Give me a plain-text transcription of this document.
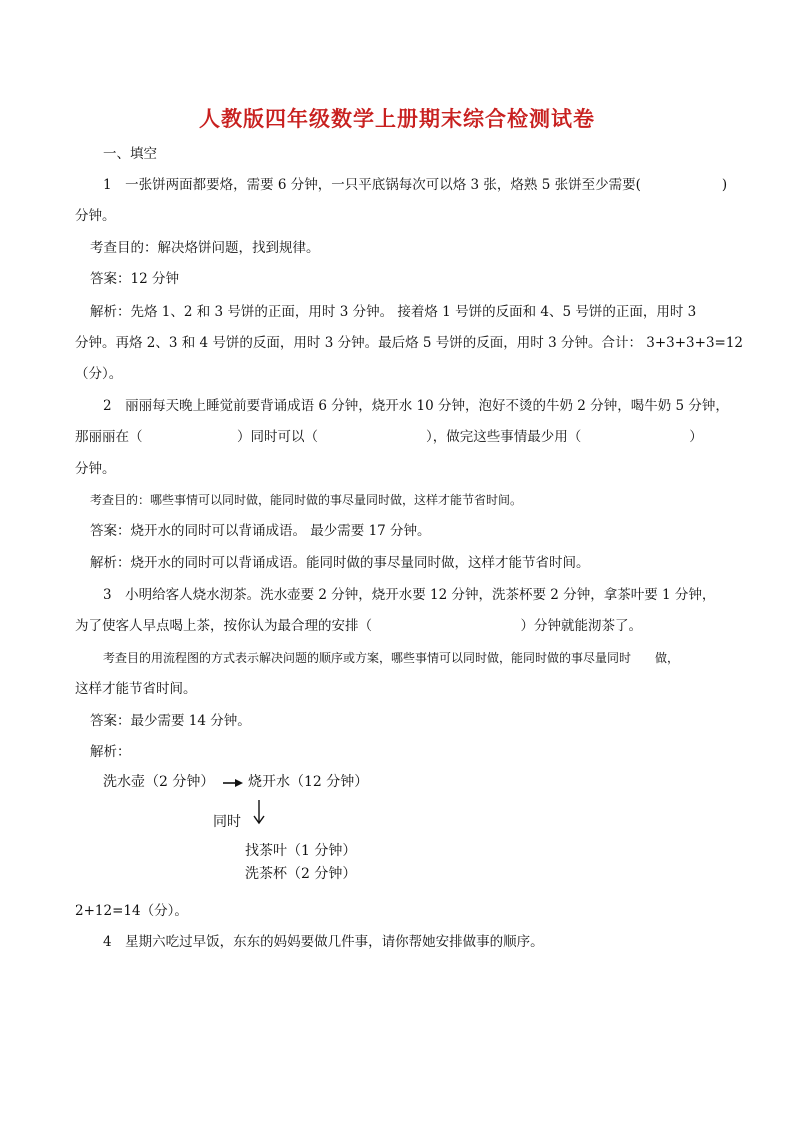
人教版四年级数学上册期末综合检测试卷
一、填空
1　一张饼两面都要烙，需要 6 分钟，一只平底锅每次可以烙 3 张，烙熟 5 张饼至少需要(　　　　　　)
分钟。
考查目的：解决烙饼问题，找到规律。
答案：12 分钟
解析：先烙 1、2 和 3 号饼的正面，用时 3 分钟。 接着烙 1 号饼的反面和 4、5 号饼的正面，用时 3
分钟。再烙 2、3 和 4 号饼的反面，用时 3 分钟。最后烙 5 号饼的反面，用时 3 分钟。合计： 3+3+3+3=12
（分）。
2　丽丽每天晚上睡觉前要背诵成语 6 分钟，烧开水 10 分钟，泡好不烫的牛奶 2 分钟，喝牛奶 5 分钟，
那丽丽在（　　　　　　　）同时可以（　　　　　　　　），做完这些事情最少用（　　　　　　　　）
分钟。
考查目的：哪些事情可以同时做，能同时做的事尽量同时做，这样才能节省时间。
答案：烧开水的同时可以背诵成语。 最少需要 17 分钟。
解析：烧开水的同时可以背诵成语。能同时做的事尽量同时做，这样才能节省时间。
3　小明给客人烧水沏茶。洗水壶要 2 分钟，烧开水要 12 分钟，洗茶杯要 2 分钟，拿茶叶要 1 分钟，
为了使客人早点喝上茶，按你认为最合理的安排（　　　　　　　　　　　）分钟就能沏茶了。
考查目的用流程图的方式表示解决问题的顺序或方案，哪些事情可以同时做，能同时做的事尽量同时　　做，
这样才能节省时间。
答案：最少需要 14 分钟。
解析：
洗水壶（2 分钟） 烧开水（12 分钟）
同时
找茶叶（1 分钟）
洗茶杯（2 分钟）
2+12=14（分）。
4　星期六吃过早饭，东东的妈妈要做几件事，请你帮她安排做事的顺序。
